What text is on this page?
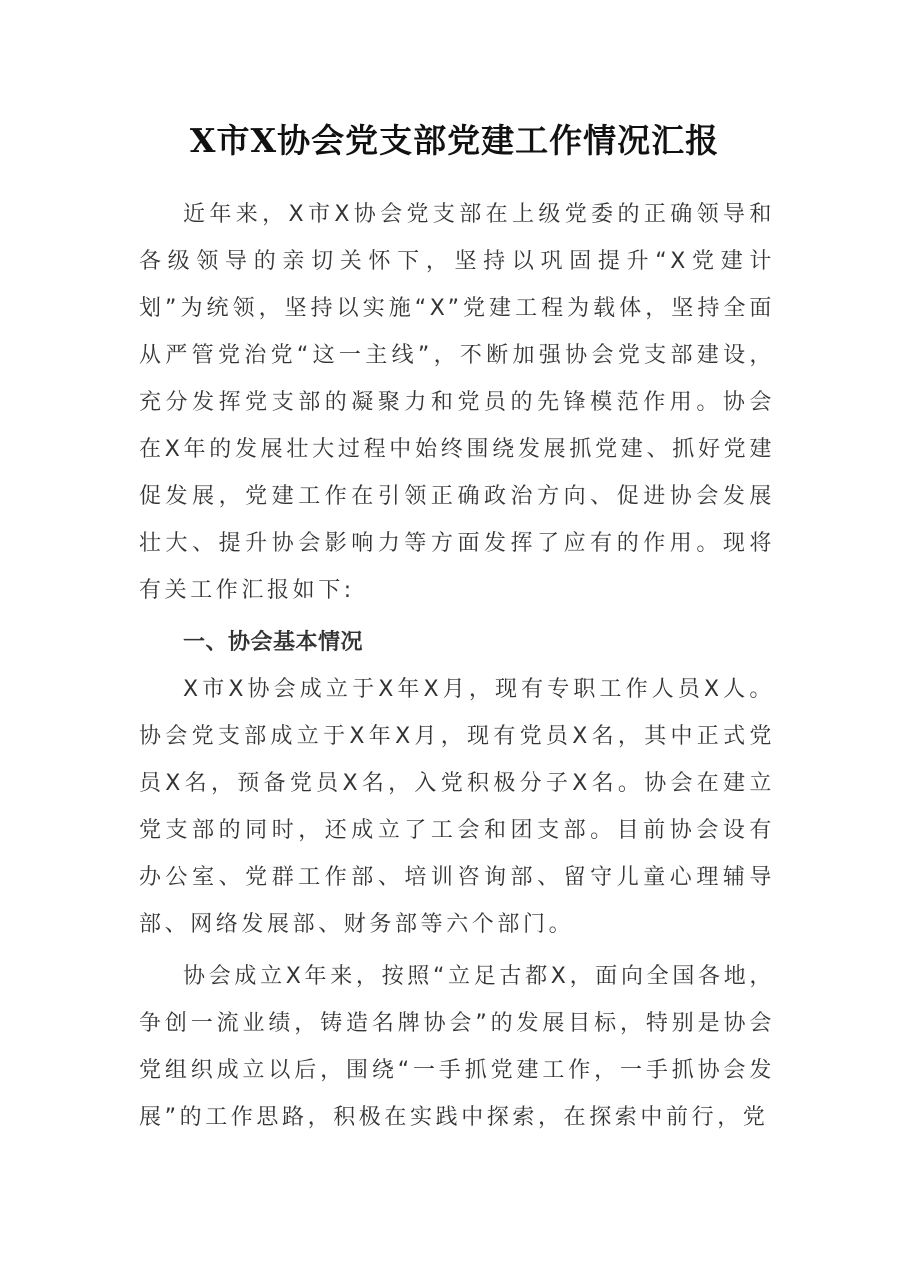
X市X协会党支部党建工作情况汇报

近年来，X市X协会党支部在上级党委的正确领导和各级领导的亲切关怀下，坚持以巩固提升“X党建计划”为统领，坚持以实施“X”党建工程为载体，坚持全面从严管党治党“这一主线”，不断加强协会党支部建设，充分发挥党支部的凝聚力和党员的先锋模范作用。协会在X年的发展壮大过程中始终围绕发展抓党建、抓好党建促发展，党建工作在引领正确政治方向、促进协会发展壮大、提升协会影响力等方面发挥了应有的作用。现将有关工作汇报如下:

一、协会基本情况

X市X协会成立于X年X月，现有专职工作人员X人。协会党支部成立于X年X月，现有党员X名，其中正式党员X名，预备党员X名，入党积极分子X名。协会在建立党支部的同时，还成立了工会和团支部。目前协会设有办公室、党群工作部、培训咨询部、留守儿童心理辅导部、网络发展部、财务部等六个部门。

协会成立X年来，按照“立足古都X，面向全国各地，争创一流业绩，铸造名牌协会”的发展目标，特别是协会党组织成立以后，围绕“一手抓党建工作，一手抓协会发展”的工作思路，积极在实践中探索，在探索中前行，党
